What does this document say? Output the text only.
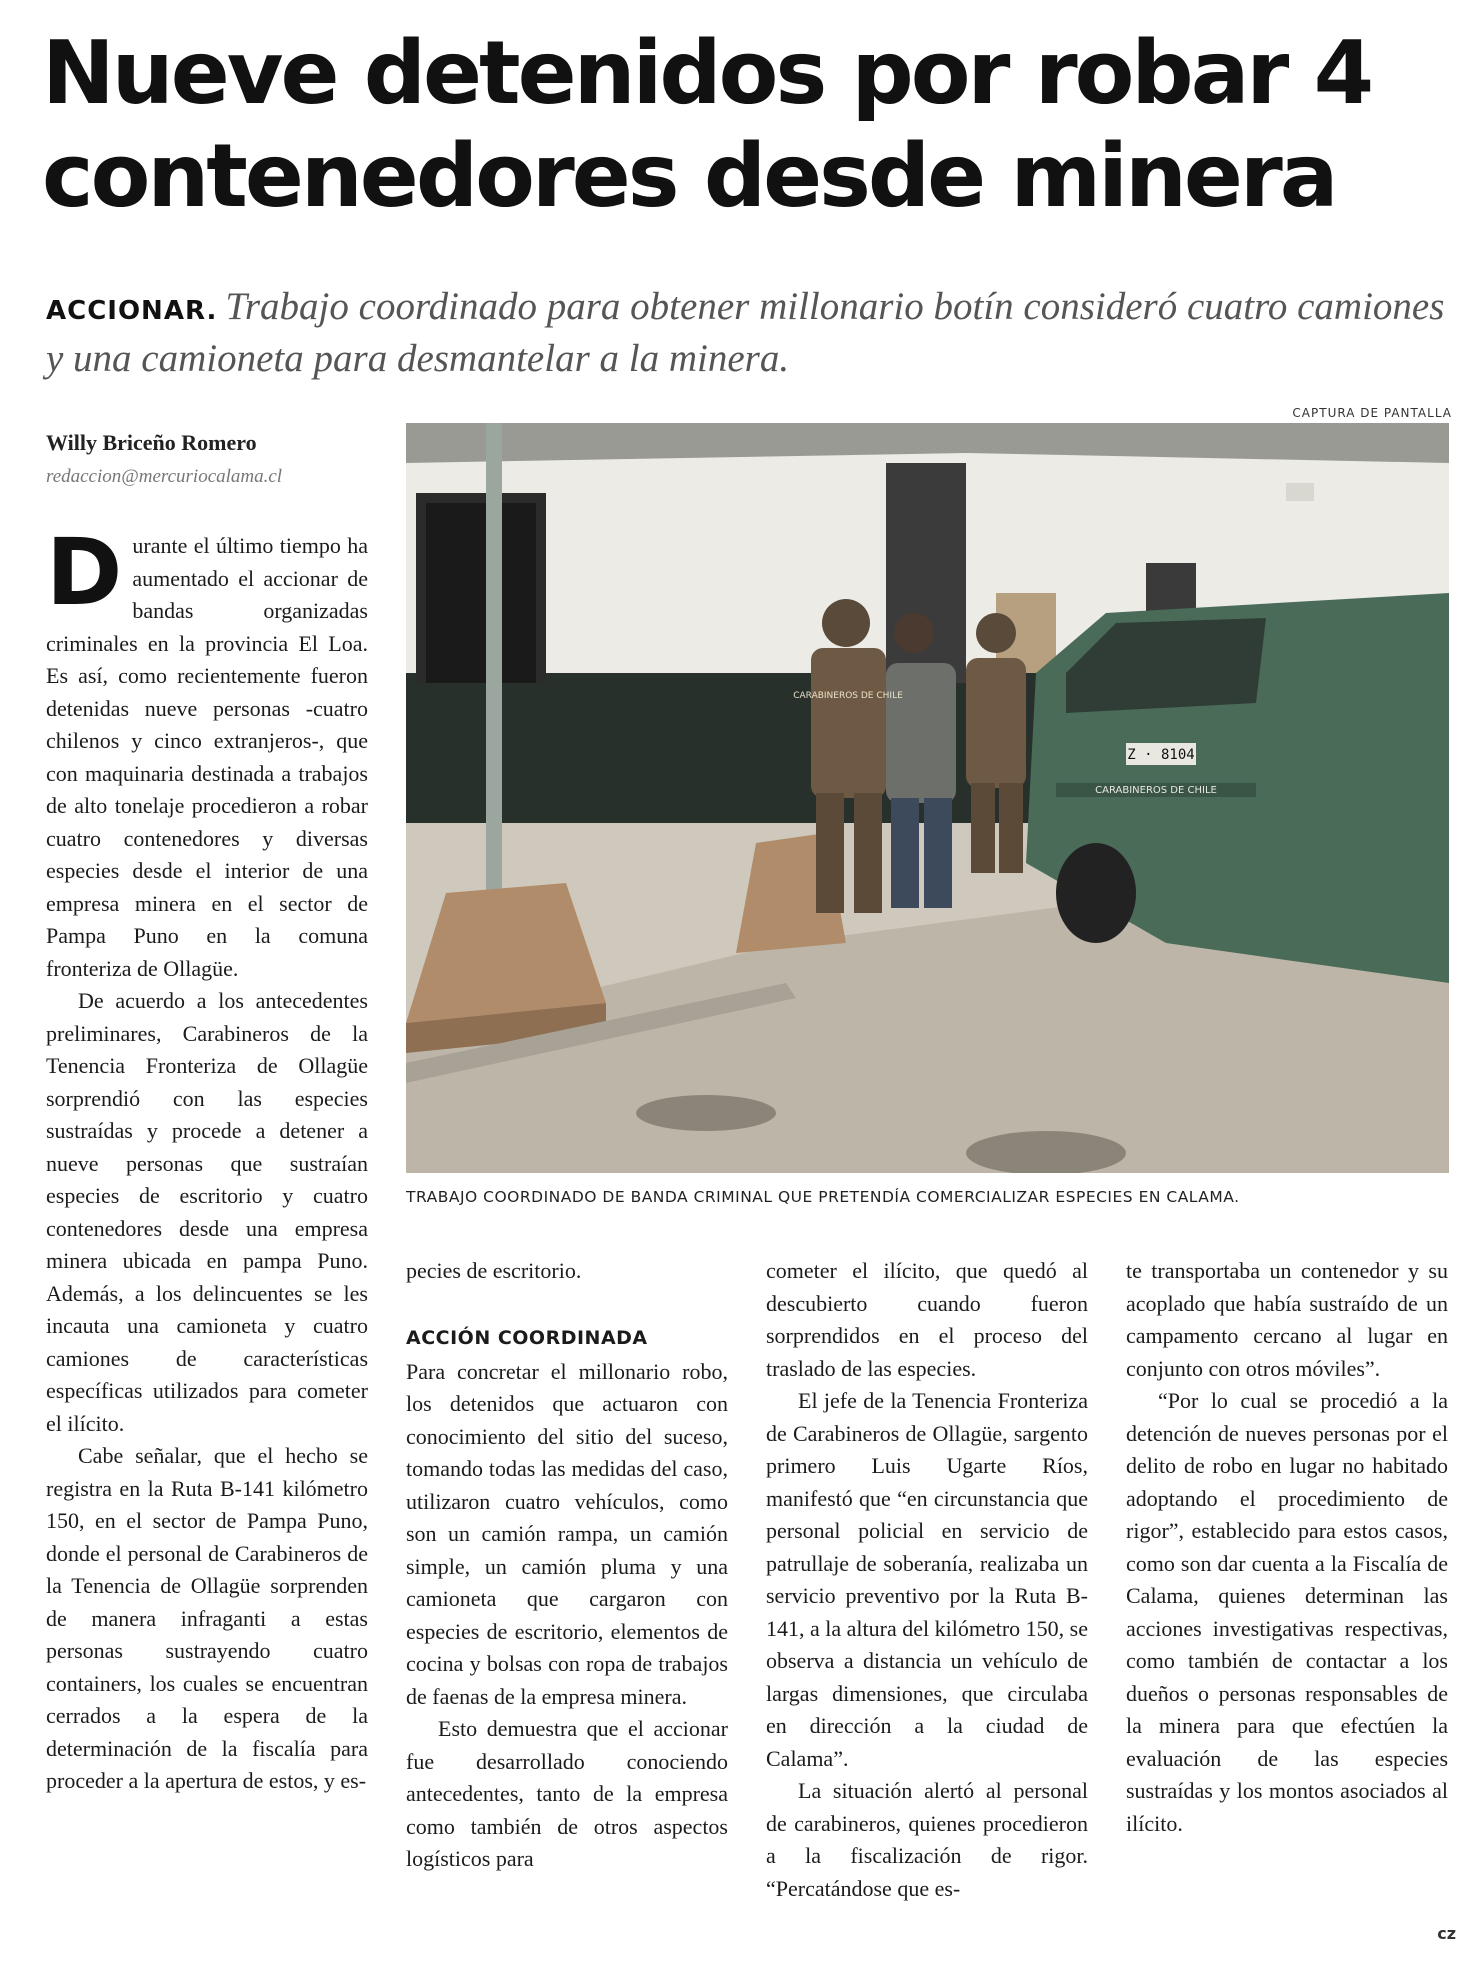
Nueve detenidos por robar 4 contenedores desde minera
ACCIONAR. Trabajo coordinado para obtener millonario botín consideró cuatro camiones y una camioneta para desmantelar a la minera.
CAPTURA DE PANTALLA
CARABINEROS DE CHILE
Z · 8104
CARABINEROS DE CHILE
TRABAJO COORDINADO DE BANDA CRIMINAL QUE PRETENDÍA COMERCIALIZAR ESPECIES EN CALAMA.
Willy Briceño Romero
redaccion@mercuriocalama.cl

Durante el último tiempo ha aumentado el accionar de bandas organizadas criminales en la provincia El Loa. Es así, como recientemente fueron detenidas nueve personas -cuatro chilenos y cinco extranjeros-, que con maquinaria destinada a trabajos de alto tonelaje procedieron a robar cuatro contenedores y diversas especies desde el interior de una empresa minera en el sector de Pampa Puno en la comuna fronteriza de Ollagüe.

De acuerdo a los antecedentes preliminares, Carabineros de la Tenencia Fronteriza de Ollagüe sorprendió con las especies sustraídas y procede a detener a nueve personas que sustraían especies de escritorio y cuatro contenedores desde una empresa minera ubicada en pampa Puno. Además, a los delincuentes se les incauta una camioneta y cuatro camiones de características específicas utilizados para cometer el ilícito.

Cabe señalar, que el hecho se registra en la Ruta B-141 kilómetro 150, en el sector de Pampa Puno, donde el personal de Carabineros de la Tenencia de Ollagüe sorprenden de manera infraganti a estas personas sustrayendo cuatro containers, los cuales se encuentran cerrados a la espera de la determinación de la fiscalía para proceder a la apertura de estos, y es-

pecies de escritorio.

ACCIÓN COORDINADA

Para concretar el millonario robo, los detenidos que actuaron con conocimiento del sitio del suceso, tomando todas las medidas del caso, utilizaron cuatro vehículos, como son un camión rampa, un camión simple, un camión pluma y una camioneta que cargaron con especies de escritorio, elementos de cocina y bolsas con ropa de trabajos de faenas de la empresa minera.

Esto demuestra que el accionar fue desarrollado conociendo antecedentes, tanto de la empresa como también de otros aspectos logísticos para

cometer el ilícito, que quedó al descubierto cuando fueron sorprendidos en el proceso del traslado de las especies.

El jefe de la Tenencia Fronteriza de Carabineros de Ollagüe, sargento primero Luis Ugarte Ríos, manifestó que “en circunstancia que personal policial en servicio de patrullaje de soberanía, realizaba un servicio preventivo por la Ruta B-141, a la altura del kilómetro 150, se observa a distancia un vehículo de largas dimensiones, que circulaba en dirección a la ciudad de Calama”.

La situación alertó al personal de carabineros, quienes procedieron a la fiscalización de rigor. “Percatándose que es-

te transportaba un contenedor y su acoplado que había sustraído de un campamento cercano al lugar en conjunto con otros móviles”.

“Por lo cual se procedió a la detención de nueves personas por el delito de robo en lugar no habitado adoptando el procedimiento de rigor”, establecido para estos casos, como son dar cuenta a la Fiscalía de Calama, quienes determinan las acciones investigativas respectivas, como también de contactar a los dueños o personas responsables de la minera para que efectúen la evaluación de las especies sustraídas y los montos asociados al ilícito.

cz
